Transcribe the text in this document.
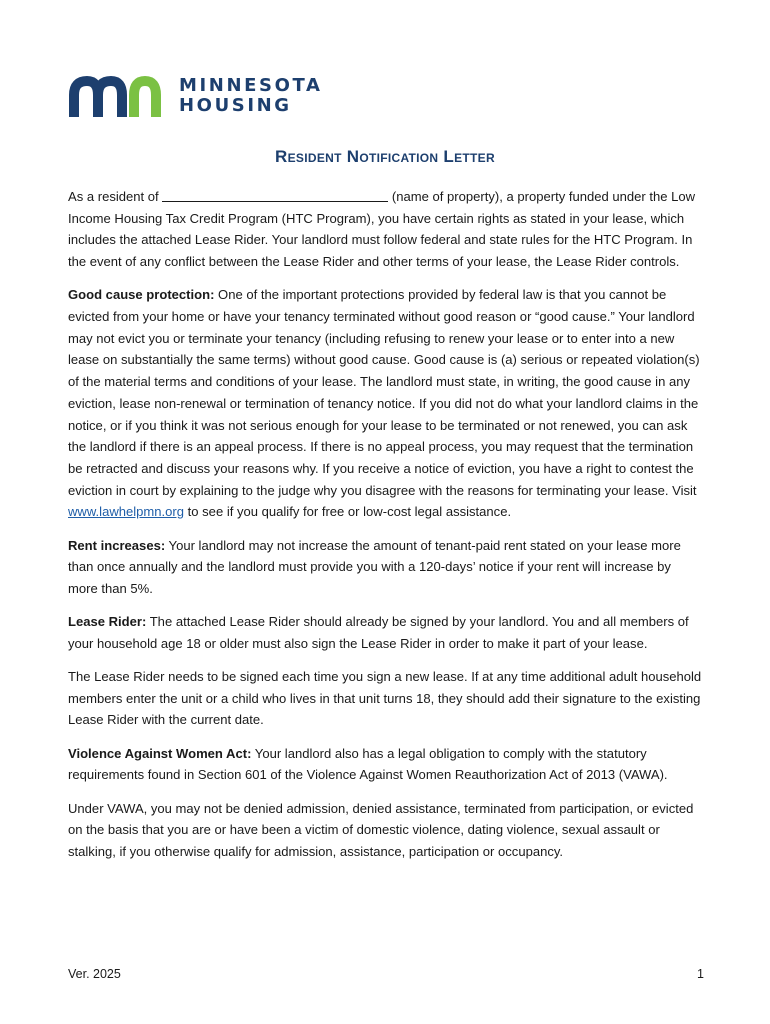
MINNESOTA
HOUSING
Resident Notification Letter

As a resident of	(name of property), a property funded under the Low Income Housing Tax Credit Program (HTC Program), you have certain rights as stated in your lease, which includes the attached Lease Rider. Your landlord must follow federal and state rules for the HTC Program. In the event of any conflict between the Lease Rider and other terms of your lease, the Lease Rider controls.

Good cause protection: One of the important protections provided by federal law is that you cannot be evicted from your home or have your tenancy terminated without good reason or “good cause.” Your landlord may not evict you or terminate your tenancy (including refusing to renew your lease or to enter into a new lease on substantially the same terms) without good cause. Good cause is (a) serious or repeated violation(s) of the material terms and conditions of your lease. The landlord must state, in writing, the good cause in any eviction, lease non-renewal or termination of tenancy notice. If you did not do what your landlord claims in the notice, or if you think it was not serious enough for your lease to be terminated or not renewed, you can ask the landlord if there is an appeal process. If there is no appeal process, you may request that the termination be retracted and discuss your reasons why. If you receive a notice of eviction, you have a right to contest the eviction in court by explaining to the judge why you disagree with the reasons for terminating your lease. Visit www.lawhelpmn.org to see if you qualify for free or low-cost legal assistance.

Rent increases: Your landlord may not increase the amount of tenant-paid rent stated on your lease more than once annually and the landlord must provide you with a 120-days’ notice if your rent will increase by more than 5%.

Lease Rider: The attached Lease Rider should already be signed by your landlord. You and all members of your household age 18 or older must also sign the Lease Rider in order to make it part of your lease.

The Lease Rider needs to be signed each time you sign a new lease. If at any time additional adult household members enter the unit or a child who lives in that unit turns 18, they should add their signature to the existing Lease Rider with the current date.

Violence Against Women Act: Your landlord also has a legal obligation to comply with the statutory requirements found in Section 601 of the Violence Against Women Reauthorization Act of 2013 (VAWA).

Under VAWA, you may not be denied admission, denied assistance, terminated from participation, or evicted on the basis that you are or have been a victim of domestic violence, dating violence, sexual assault or stalking, if you otherwise qualify for admission, assistance, participation or occupancy.

Ver. 2025	1
